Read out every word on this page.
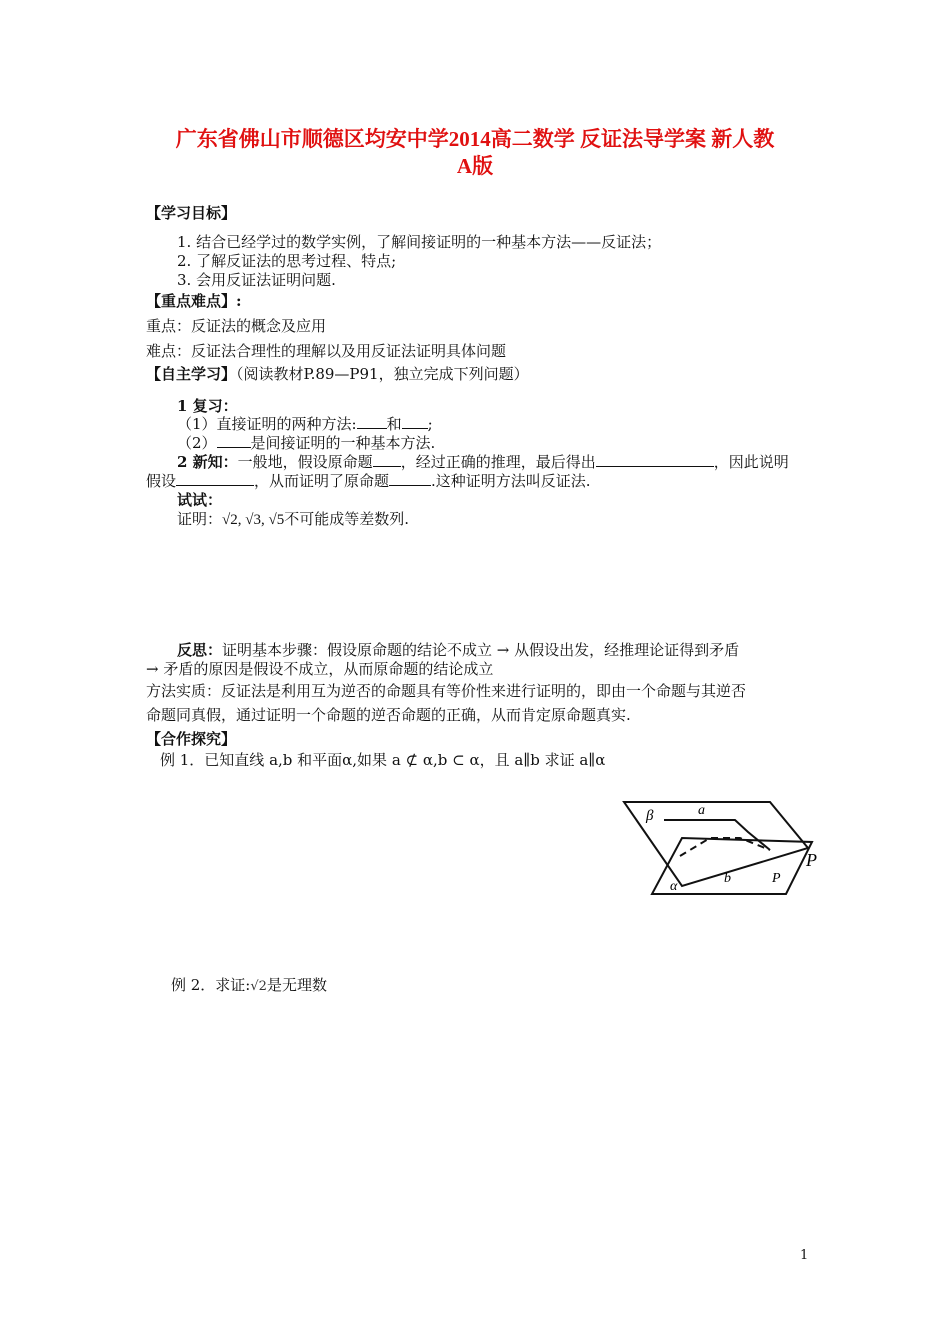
广东省佛山市顺德区均安中学2014高二数学 反证法导学案 新人教
A版
【学习目标】
1. 结合已经学过的数学实例，了解间接证明的一种基本方法——反证法；
2. 了解反证法的思考过程、特点;
3. 会用反证法证明问题.
【重点难点】:
重点：反证法的概念及应用
难点：反证法合理性的理解以及用反证法证明具体问题
【自主学习】（阅读教材P.89—P91，独立完成下列问题）
1 复习：
（1）直接证明的两种方法: 和 ;
（2） 是间接证明的一种基本方法.
2 新知：一般地，假设原命题 ，经过正确的推理，最后得出	，因此说明
假设	，从而证明了原命题	.这种证明方法叫反证法.
试试：
证明：√2, √3, √5不可能成等差数列.
反思：证明基本步骤：假设原命题的结论不成立 → 从假设出发，经推理论证得到矛盾
→ 矛盾的原因是假设不成立，从而原命题的结论成立
方法实质：反证法是利用互为逆否的命题具有等价性来进行证明的，即由一个命题与其逆否
命题同真假，通过证明一个命题的逆否命题的正确，从而肯定原命题真实.
【合作探究】
例 1．已知直线 a,b 和平面α,如果 a ⊄ α,b ⊂ α，且 a∥b 求证 a∥α
β	a
b	P
α
P
例 2．求证:√2是无理数
1
